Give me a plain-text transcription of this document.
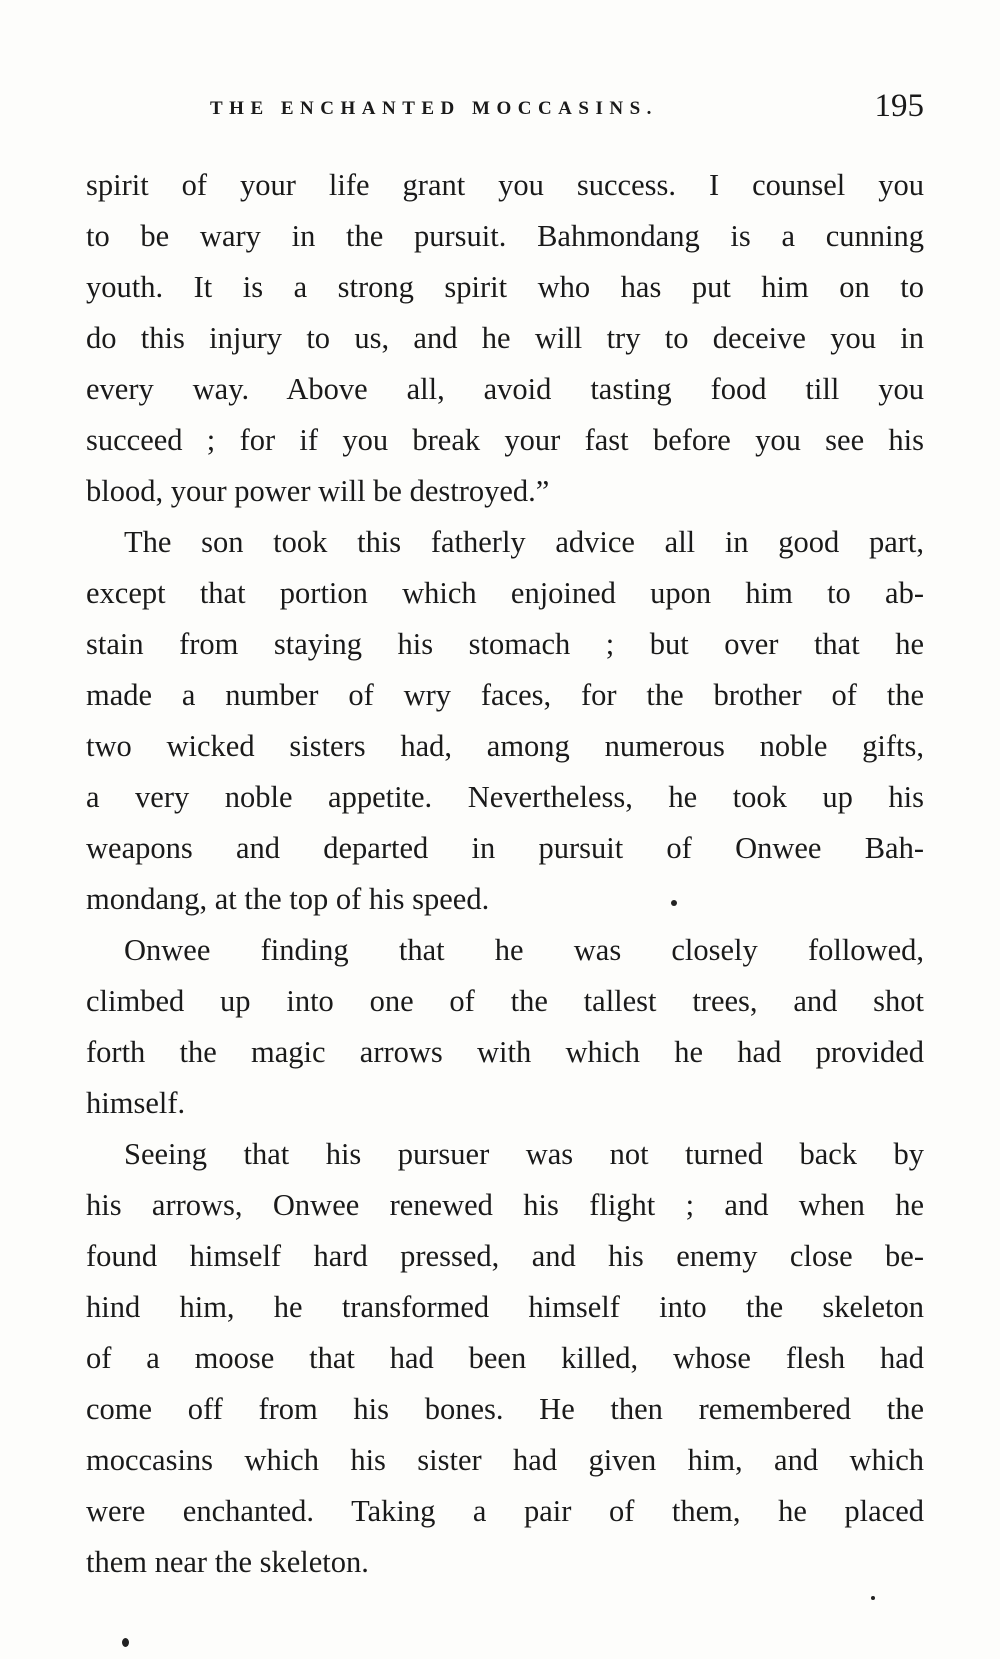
THE ENCHANTED MOCCASINS.	195

spirit of your life grant you success. I counsel you
to be wary in the pursuit. Bahmondang is a cunning
youth. It is a strong spirit who has put him on to
do this injury to us, and he will try to deceive you in
every way. Above all, avoid tasting food till you
succeed ; for if you break your fast before you see his
blood, your power will be destroyed.”

The son took this fatherly advice all in good part,
except that portion which enjoined upon him to ab-
stain from staying his stomach ; but over that he
made a number of wry faces, for the brother of the
two wicked sisters had, among numerous noble gifts,
a very noble appetite. Nevertheless, he took up his
weapons and departed in pursuit of Onwee Bah-
mondang, at the top of his speed.

Onwee finding that he was closely followed,
climbed up into one of the tallest trees, and shot
forth the magic arrows with which he had provided
himself.

Seeing that his pursuer was not turned back by
his arrows, Onwee renewed his flight ; and when he
found himself hard pressed, and his enemy close be-
hind him, he transformed himself into the skeleton
of a moose that had been killed, whose flesh had
come off from his bones. He then remembered the
moccasins which his sister had given him, and which
were enchanted. Taking a pair of them, he placed
them near the skeleton.
